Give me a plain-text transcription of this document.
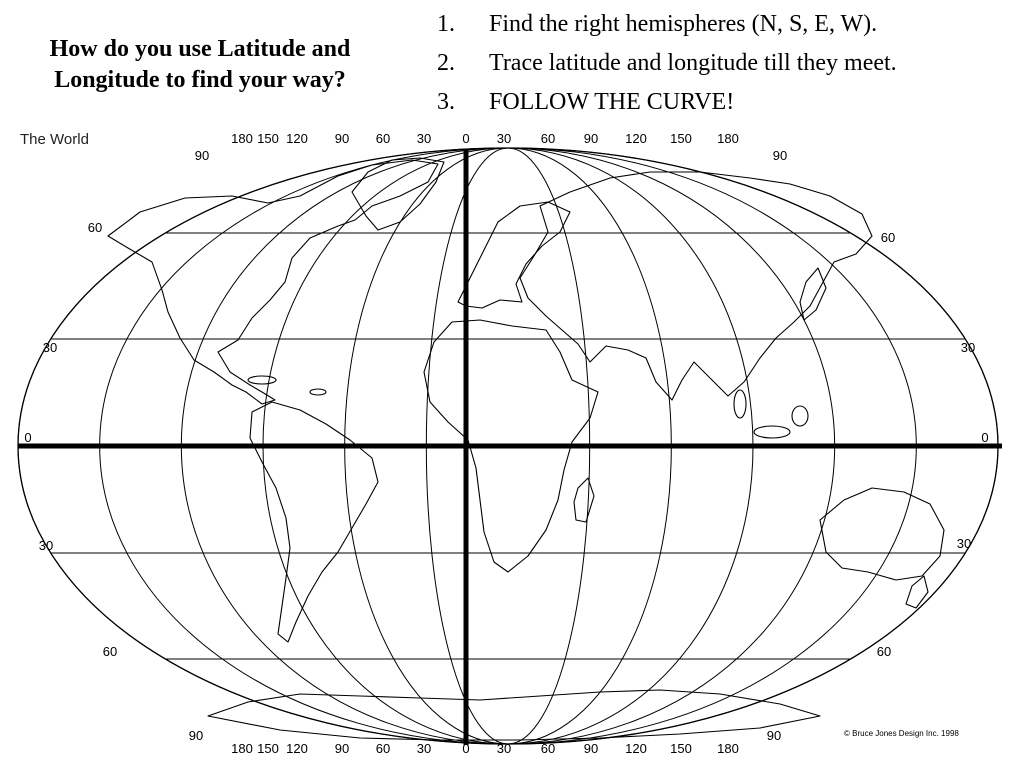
180 150 120 90 60 30 0 30 60 90 120 150 180
180 150 120 90 60 30 0 30 60 90 120 150 180
90	90
90	90
60
30
0
30
60
60
30
0
30
60
The World
© Bruce Jones Design Inc. 1998
How do you use Latitude and Longitude to find your way?
1.	Find the right hemispheres (N, S, E, W).
2.	Trace latitude and longitude till they meet.
3.	FOLLOW THE CURVE!
